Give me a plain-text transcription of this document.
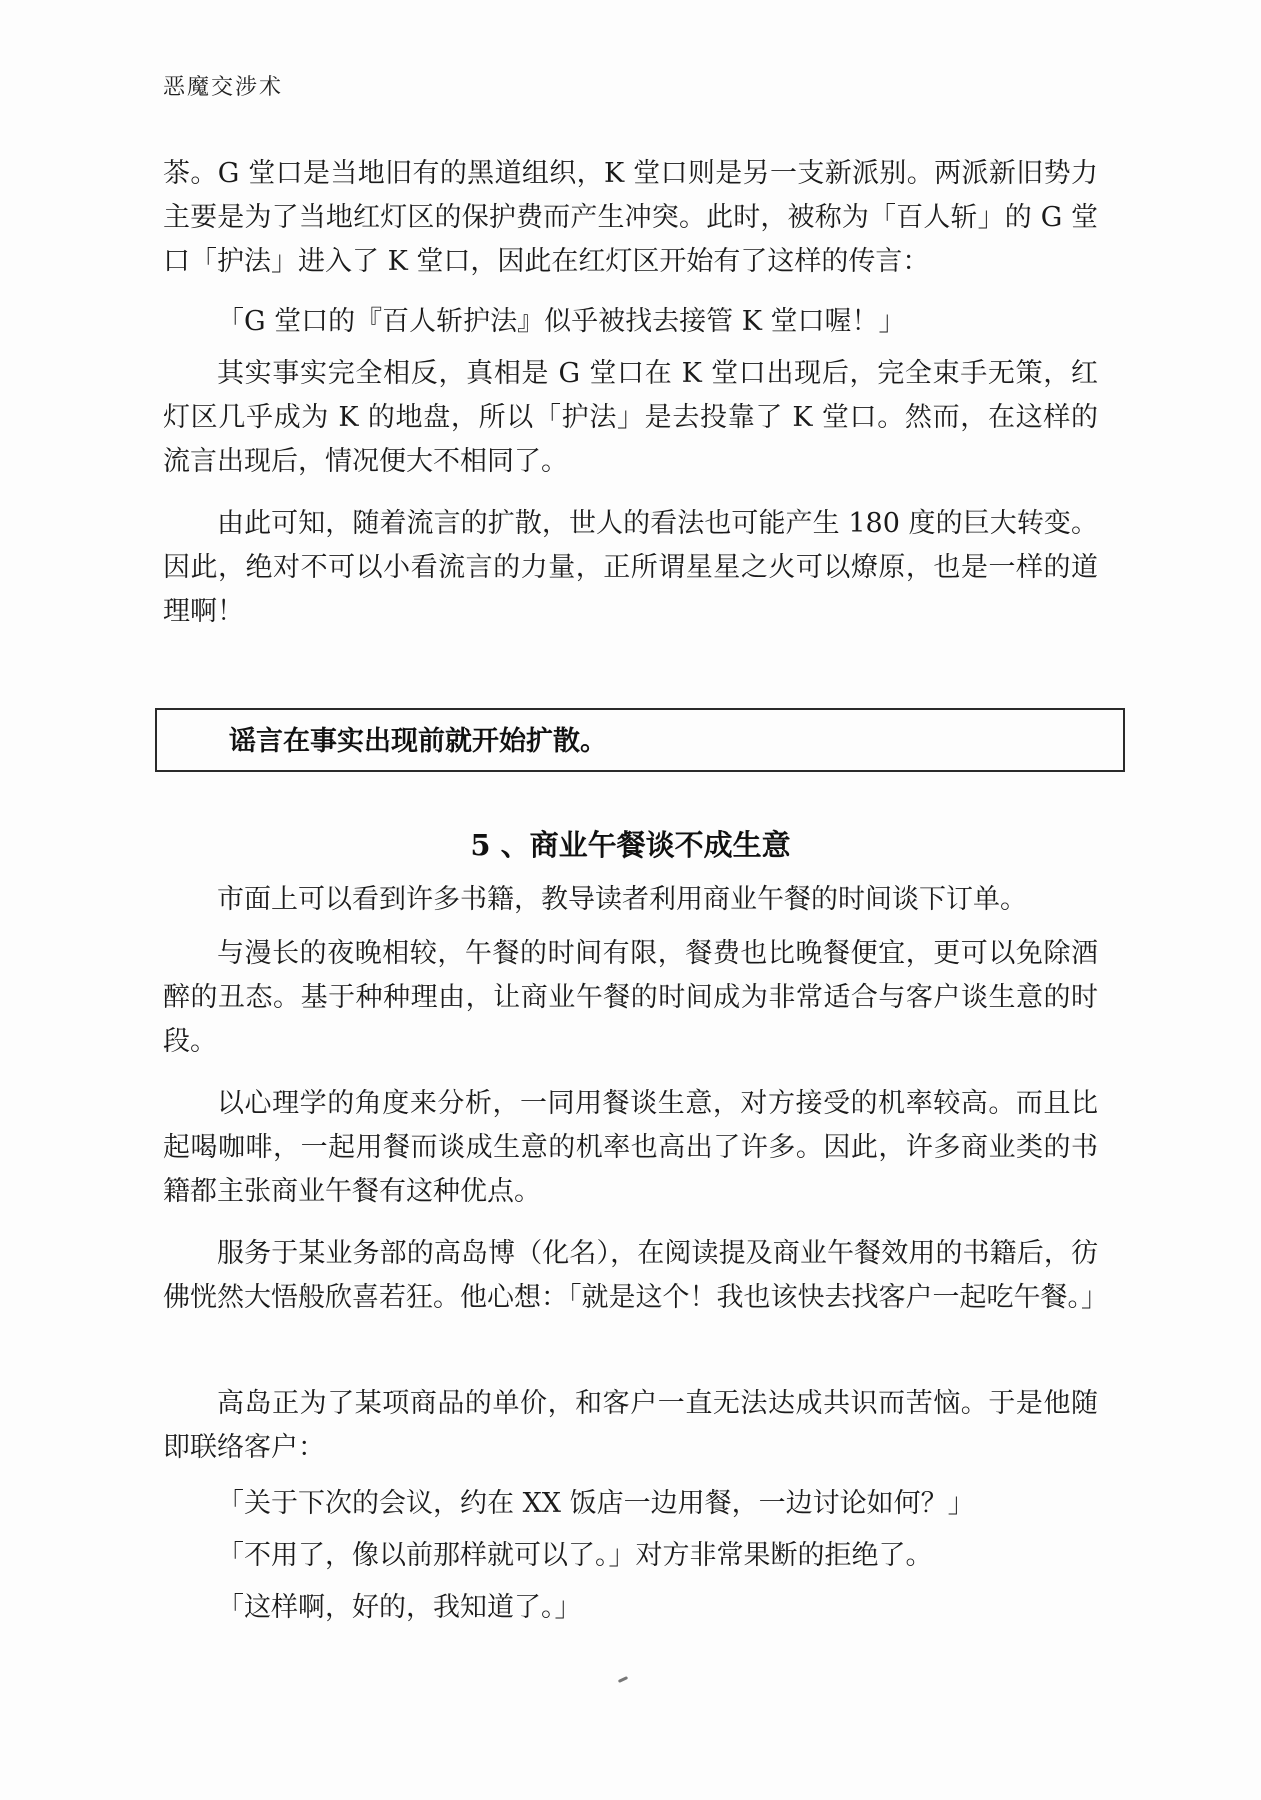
恶魔交涉术

茶。G 堂口是当地旧有的黑道组织，K 堂口则是另一支新派别。两派新旧势力主要是为了当地红灯区的保护费而产生冲突。此时，被称为「百人斩」的 G 堂口「护法」进入了 K 堂口，因此在红灯区开始有了这样的传言：

「G 堂口的『百人斩护法』似乎被找去接管 K 堂口喔！」

其实事实完全相反，真相是 G 堂口在 K 堂口出现后，完全束手无策，红灯区几乎成为 K 的地盘，所以「护法」是去投靠了 K 堂口。然而，在这样的流言出现后，情况便大不相同了。

由此可知，随着流言的扩散，世人的看法也可能产生 180 度的巨大转变。因此，绝对不可以小看流言的力量，正所谓星星之火可以燎原，也是一样的道理啊！

谣言在事实出现前就开始扩散。
5 、商业午餐谈不成生意

市面上可以看到许多书籍，教导读者利用商业午餐的时间谈下订单。

与漫长的夜晚相较，午餐的时间有限，餐费也比晚餐便宜，更可以免除酒醉的丑态。基于种种理由，让商业午餐的时间成为非常适合与客户谈生意的时段。

以心理学的角度来分析，一同用餐谈生意，对方接受的机率较高。而且比起喝咖啡，一起用餐而谈成生意的机率也高出了许多。因此，许多商业类的书籍都主张商业午餐有这种优点。

服务于某业务部的高岛博（化名），在阅读提及商业午餐效用的书籍后，彷佛恍然大悟般欣喜若狂。他心想：「就是这个！我也该快去找客户一起吃午餐。」

高岛正为了某项商品的单价，和客户一直无法达成共识而苦恼。于是他随即联络客户：

「关于下次的会议，约在 XX 饭店一边用餐，一边讨论如何？」

「不用了，像以前那样就可以了。」对方非常果断的拒绝了。

「这样啊，好的，我知道了。」
